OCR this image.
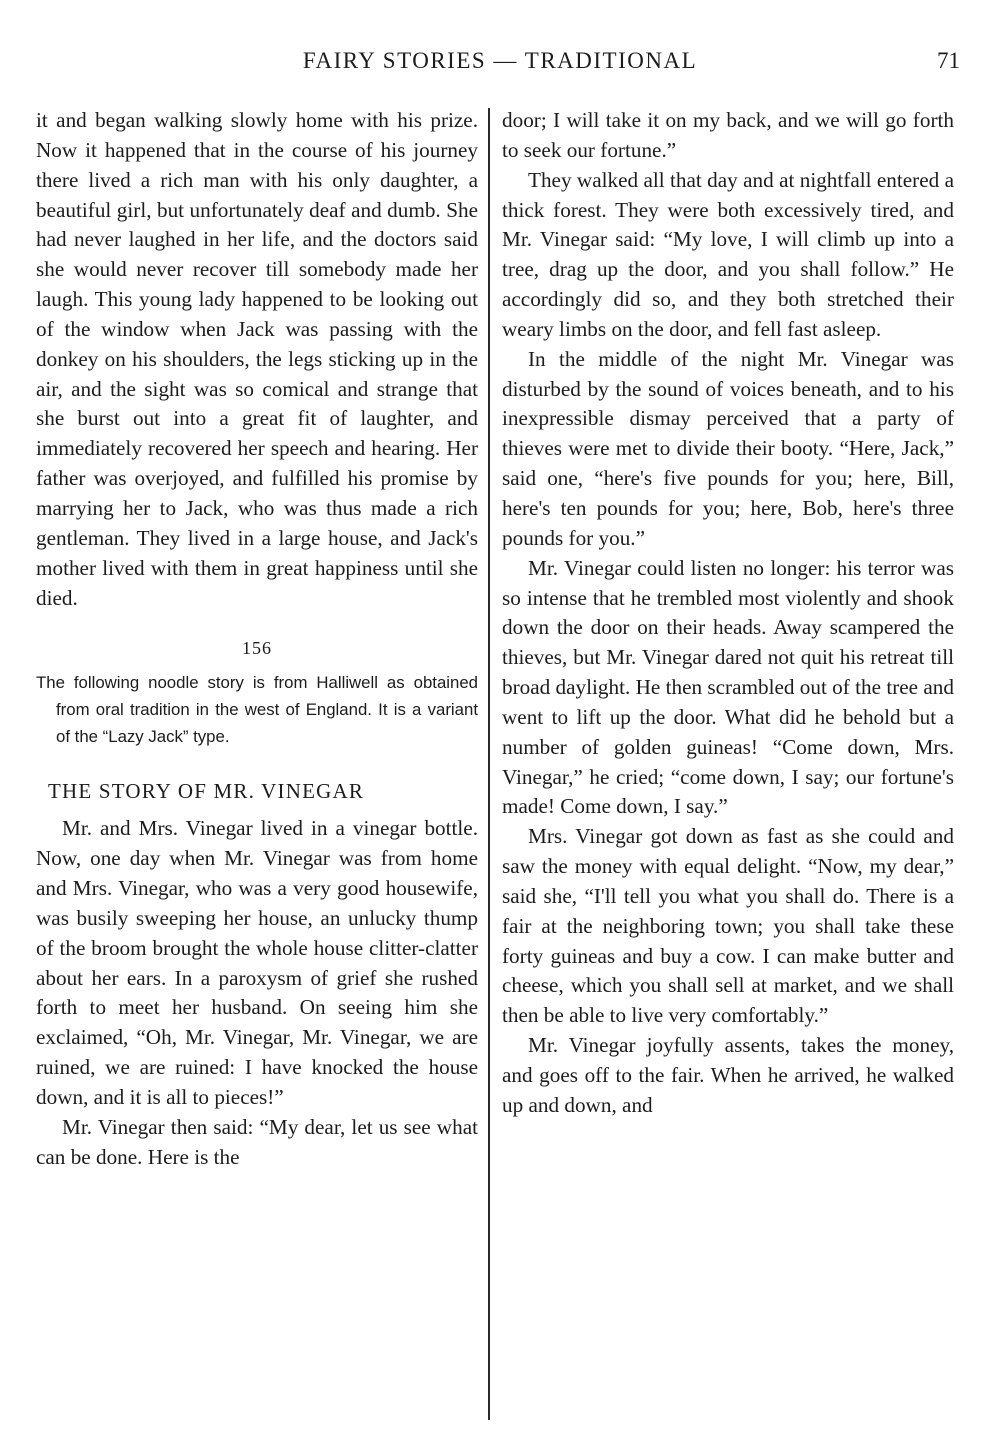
FAIRY STORIES — TRADITIONAL	71

it and began walking slowly home with his prize. Now it happened that in the course of his journey there lived a rich man with his only daughter, a beautiful girl, but unfortunately deaf and dumb. She had never laughed in her life, and the doctors said she would never recover till somebody made her laugh. This young lady happened to be looking out of the window when Jack was passing with the donkey on his shoulders, the legs sticking up in the air, and the sight was so comical and strange that she burst out into a great fit of laughter, and immediately recovered her speech and hearing. Her father was overjoyed, and fulfilled his promise by marrying her to Jack, who was thus made a rich gentleman. They lived in a large house, and Jack's mother lived with them in great happiness until she died.

156

The following noodle story is from Halliwell as obtained from oral tradition in the west of England. It is a variant of the “Lazy Jack” type.

THE STORY OF MR. VINEGAR

Mr. and Mrs. Vinegar lived in a vinegar bottle. Now, one day when Mr. Vinegar was from home and Mrs. Vinegar, who was a very good housewife, was busily sweeping her house, an unlucky thump of the broom brought the whole house clitter-clatter about her ears. In a paroxysm of grief she rushed forth to meet her husband. On seeing him she exclaimed, “Oh, Mr. Vinegar, Mr. Vinegar, we are ruined, we are ruined: I have knocked the house down, and it is all to pieces!”

Mr. Vinegar then said: “My dear, let us see what can be done. Here is the

door; I will take it on my back, and we will go forth to seek our fortune.”

They walked all that day and at nightfall entered a thick forest. They were both excessively tired, and Mr. Vinegar said: “My love, I will climb up into a tree, drag up the door, and you shall follow.” He accordingly did so, and they both stretched their weary limbs on the door, and fell fast asleep.

In the middle of the night Mr. Vinegar was disturbed by the sound of voices beneath, and to his inexpressible dismay perceived that a party of thieves were met to divide their booty. “Here, Jack,” said one, “here's five pounds for you; here, Bill, here's ten pounds for you; here, Bob, here's three pounds for you.”

Mr. Vinegar could listen no longer: his terror was so intense that he trembled most violently and shook down the door on their heads. Away scampered the thieves, but Mr. Vinegar dared not quit his retreat till broad daylight. He then scrambled out of the tree and went to lift up the door. What did he behold but a number of golden guineas! “Come down, Mrs. Vinegar,” he cried; “come down, I say; our fortune's made! Come down, I say.”

Mrs. Vinegar got down as fast as she could and saw the money with equal delight. “Now, my dear,” said she, “I'll tell you what you shall do. There is a fair at the neighboring town; you shall take these forty guineas and buy a cow. I can make butter and cheese, which you shall sell at market, and we shall then be able to live very comfortably.”

Mr. Vinegar joyfully assents, takes the money, and goes off to the fair. When he arrived, he walked up and down, and
